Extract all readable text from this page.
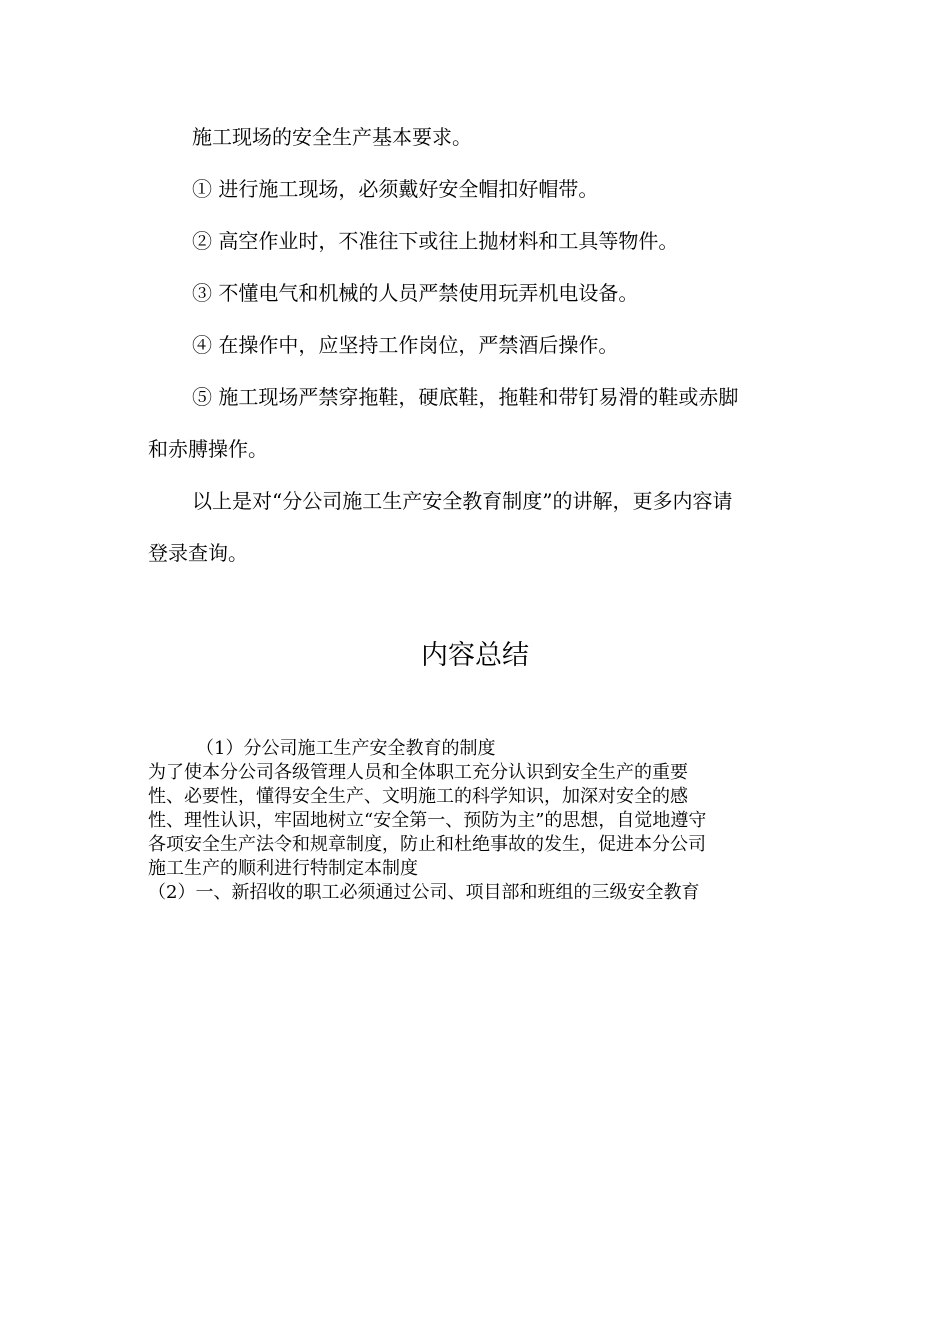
施工现场的安全生产基本要求。

① 进行施工现场，必须戴好安全帽扣好帽带。

② 高空作业时，不准往下或往上抛材料和工具等物件。

③ 不懂电气和机械的人员严禁使用玩弄机电设备。

④ 在操作中，应坚持工作岗位，严禁酒后操作。

⑤ 施工现场严禁穿拖鞋，硬底鞋，拖鞋和带钉易滑的鞋或赤脚

和赤膊操作。

以上是对“分公司施工生产安全教育制度”的讲解，更多内容请

登录查询。

内容总结
（1）分公司施工生产安全教育的制度
为了使本分公司各级管理人员和全体职工充分认识到安全生产的重要
性、必要性，懂得安全生产、文明施工的科学知识，加深对安全的感
性、理性认识，牢固地树立“安全第一、预防为主”的思想，自觉地遵守
各项安全生产法令和规章制度，防止和杜绝事故的发生，促进本分公司
施工生产的顺利进行特制定本制度
（2）一、新招收的职工必须通过公司、项目部和班组的三级安全教育
